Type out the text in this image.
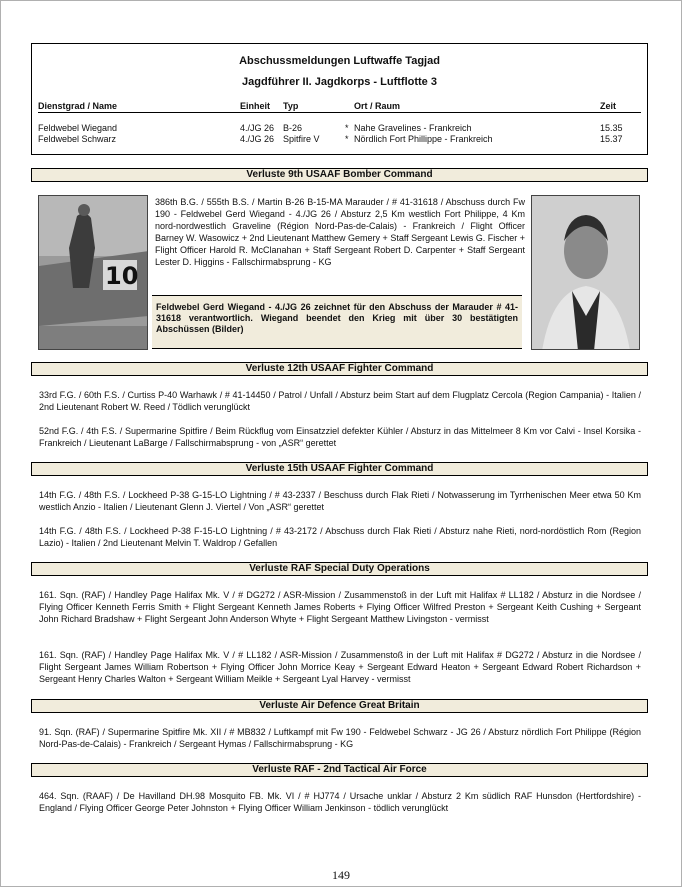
Abschussmeldungen Luftwaffe Tagjad
Jagdführer II. Jagdkorps - Luftflotte 3
Dienstgrad / Name	Einheit Typ	Ort / Raum	Zeit
Feldwebel Wiegand	4./JG 26 B-26	* Nahe Gravelines - Frankreich	15.35
Feldwebel Schwarz	4./JG 26 Spitfire V	* Nördlich Fort Phillippe - Frankreich	15.37
Verluste 9th USAAF Bomber Command
10
386th B.G. / 555th B.S. / Martin B-26 B-15-MA Marauder / # 41-31618 / Abschuss durch Fw 190 - Feldwebel Gerd Wiegand - 4./JG 26 / Absturz 2,5 Km westlich Fort Philippe, 4 Km nord-nordwestlich Graveline (Région Nord-Pas-de-Calais) - Frankreich / Flight Officer Barney W. Wasowicz + 2nd Lieutenant Matthew Gemery + Staff Sergeant Lewis G. Fischer + Flight Officer Harold R. McClanahan + Staff Sergeant Robert D. Carpenter + Staff Sergeant Lester D. Higgins - Fallschirmabsprung - KG
Feldwebel Gerd Wiegand - 4./JG 26 zeichnet für den Abschuss der Marauder # 41-31618 verantwortlich. Wiegand beendet den Krieg mit über 30 bestätigten Abschüssen (Bilder)
Verluste 12th USAAF Fighter Command
33rd F.G. / 60th F.S. / Curtiss P-40 Warhawk / # 41-14450 / Patrol / Unfall / Absturz beim Start auf dem Flugplatz Cercola (Region Campania) - Italien / 2nd Lieutenant Robert W. Reed / Tödlich verunglückt
52nd F.G. / 4th F.S. / Supermarine Spitfire / Beim Rückflug vom Einsatzziel defekter Kühler / Absturz in das Mittelmeer 8 Km vor Calvi - Insel Korsika - Frankreich / Lieutenant LaBarge / Fallschirmabsprung - von „ASR“ gerettet
Verluste 15th USAAF Fighter Command
14th F.G. / 48th F.S. / Lockheed P-38 G-15-LO Lightning / # 43-2337 / Beschuss durch Flak Rieti / Notwasserung im Tyrrhenischen Meer etwa 50 Km westlich Anzio - Italien / Lieutenant Glenn J. Viertel / Von „ASR“ gerettet
14th F.G. / 48th F.S. / Lockheed P-38 F-15-LO Lightning / # 43-2172 / Abschuss durch Flak Rieti / Absturz nahe Rieti, nord-nordöstlich Rom (Region Lazio) - Italien / 2nd Lieutenant Melvin T. Waldrop / Gefallen
Verluste RAF Special Duty Operations
161. Sqn. (RAF) / Handley Page Halifax Mk. V / # DG272 / ASR-Mission / Zusammenstoß in der Luft mit Halifax # LL182 / Absturz in die Nordsee / Flying Officer Kenneth Ferris Smith + Flight Sergeant Kenneth James Roberts + Flying Officer Wilfred Preston + Sergeant Keith Cushing + Sergeant John Richard Bradshaw + Flight Sergeant John Anderson Whyte + Flight Sergeant Matthew Livingston - vermisst
161. Sqn. (RAF) / Handley Page Halifax Mk. V / # LL182 / ASR-Mission / Zusammenstoß in der Luft mit Halifax # DG272 / Absturz in die Nordsee / Flight Sergeant James William Robertson + Flying Officer John Morrice Keay + Sergeant Edward Heaton + Sergeant Edward Robert Richardson + Sergeant Henry Charles Walton + Sergeant William Meikle + Sergeant Lyal Harvey - vermisst
Verluste Air Defence Great Britain
91. Sqn. (RAF) / Supermarine Spitfire Mk. XII / # MB832 / Luftkampf mit Fw 190 - Feldwebel Schwarz - JG 26 / Absturz nördlich Fort Philippe (Région Nord-Pas-de-Calais) - Frankreich / Sergeant Hymas / Fallschirmabsprung - KG
Verluste RAF - 2nd Tactical Air Force
464. Sqn. (RAAF) / De Havilland DH.98 Mosquito FB. Mk. VI / # HJ774 / Ursache unklar / Absturz 2 Km südlich RAF Hunsdon (Hertfordshire) - England / Flying Officer George Peter Johnston + Flying Officer William Jenkinson - tödlich verunglückt
149
